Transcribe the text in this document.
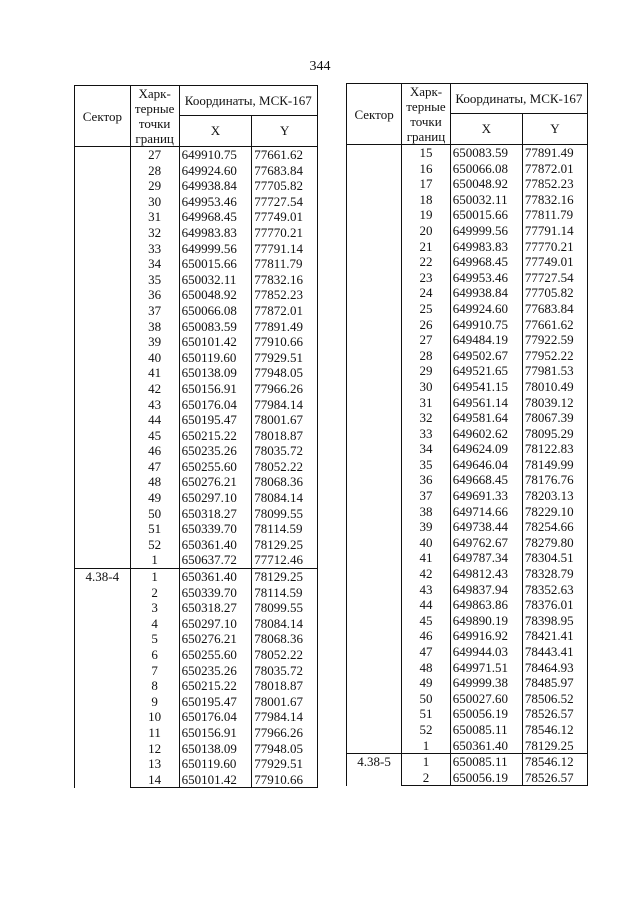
344
Сектор	Харк-терные точки границ	Координаты, МСК-167	
		X	Y
	27	649910.75	77661.62
	28	649924.60	77683.84
	29	649938.84	77705.82
	30	649953.46	77727.54
	31	649968.45	77749.01
	32	649983.83	77770.21
	33	649999.56	77791.14
	34	650015.66	77811.79
	35	650032.11	77832.16
	36	650048.92	77852.23
	37	650066.08	77872.01
	38	650083.59	77891.49
	39	650101.42	77910.66
	40	650119.60	77929.51
	41	650138.09	77948.05
	42	650156.91	77966.26
	43	650176.04	77984.14
	44	650195.47	78001.67
	45	650215.22	78018.87
	46	650235.26	78035.72
	47	650255.60	78052.22
	48	650276.21	78068.36
	49	650297.10	78084.14
	50	650318.27	78099.55
	51	650339.70	78114.59
	52	650361.40	78129.25
	1	650637.72	77712.46
4.38-4	1	650361.40	78129.25
	2	650339.70	78114.59
	3	650318.27	78099.55
	4	650297.10	78084.14
	5	650276.21	78068.36
	6	650255.60	78052.22
	7	650235.26	78035.72
	8	650215.22	78018.87
	9	650195.47	78001.67
	10	650176.04	77984.14
	11	650156.91	77966.26
	12	650138.09	77948.05
	13	650119.60	77929.51
	14	650101.42	77910.66
Сектор	Харк-терные точки границ	Координаты, МСК-167	
		X	Y
	15	650083.59	77891.49
	16	650066.08	77872.01
	17	650048.92	77852.23
	18	650032.11	77832.16
	19	650015.66	77811.79
	20	649999.56	77791.14
	21	649983.83	77770.21
	22	649968.45	77749.01
	23	649953.46	77727.54
	24	649938.84	77705.82
	25	649924.60	77683.84
	26	649910.75	77661.62
	27	649484.19	77922.59
	28	649502.67	77952.22
	29	649521.65	77981.53
	30	649541.15	78010.49
	31	649561.14	78039.12
	32	649581.64	78067.39
	33	649602.62	78095.29
	34	649624.09	78122.83
	35	649646.04	78149.99
	36	649668.45	78176.76
	37	649691.33	78203.13
	38	649714.66	78229.10
	39	649738.44	78254.66
	40	649762.67	78279.80
	41	649787.34	78304.51
	42	649812.43	78328.79
	43	649837.94	78352.63
	44	649863.86	78376.01
	45	649890.19	78398.95
	46	649916.92	78421.41
	47	649944.03	78443.41
	48	649971.51	78464.93
	49	649999.38	78485.97
	50	650027.60	78506.52
	51	650056.19	78526.57
	52	650085.11	78546.12
	1	650361.40	78129.25
4.38-5	1	650085.11	78546.12
	2	650056.19	78526.57
